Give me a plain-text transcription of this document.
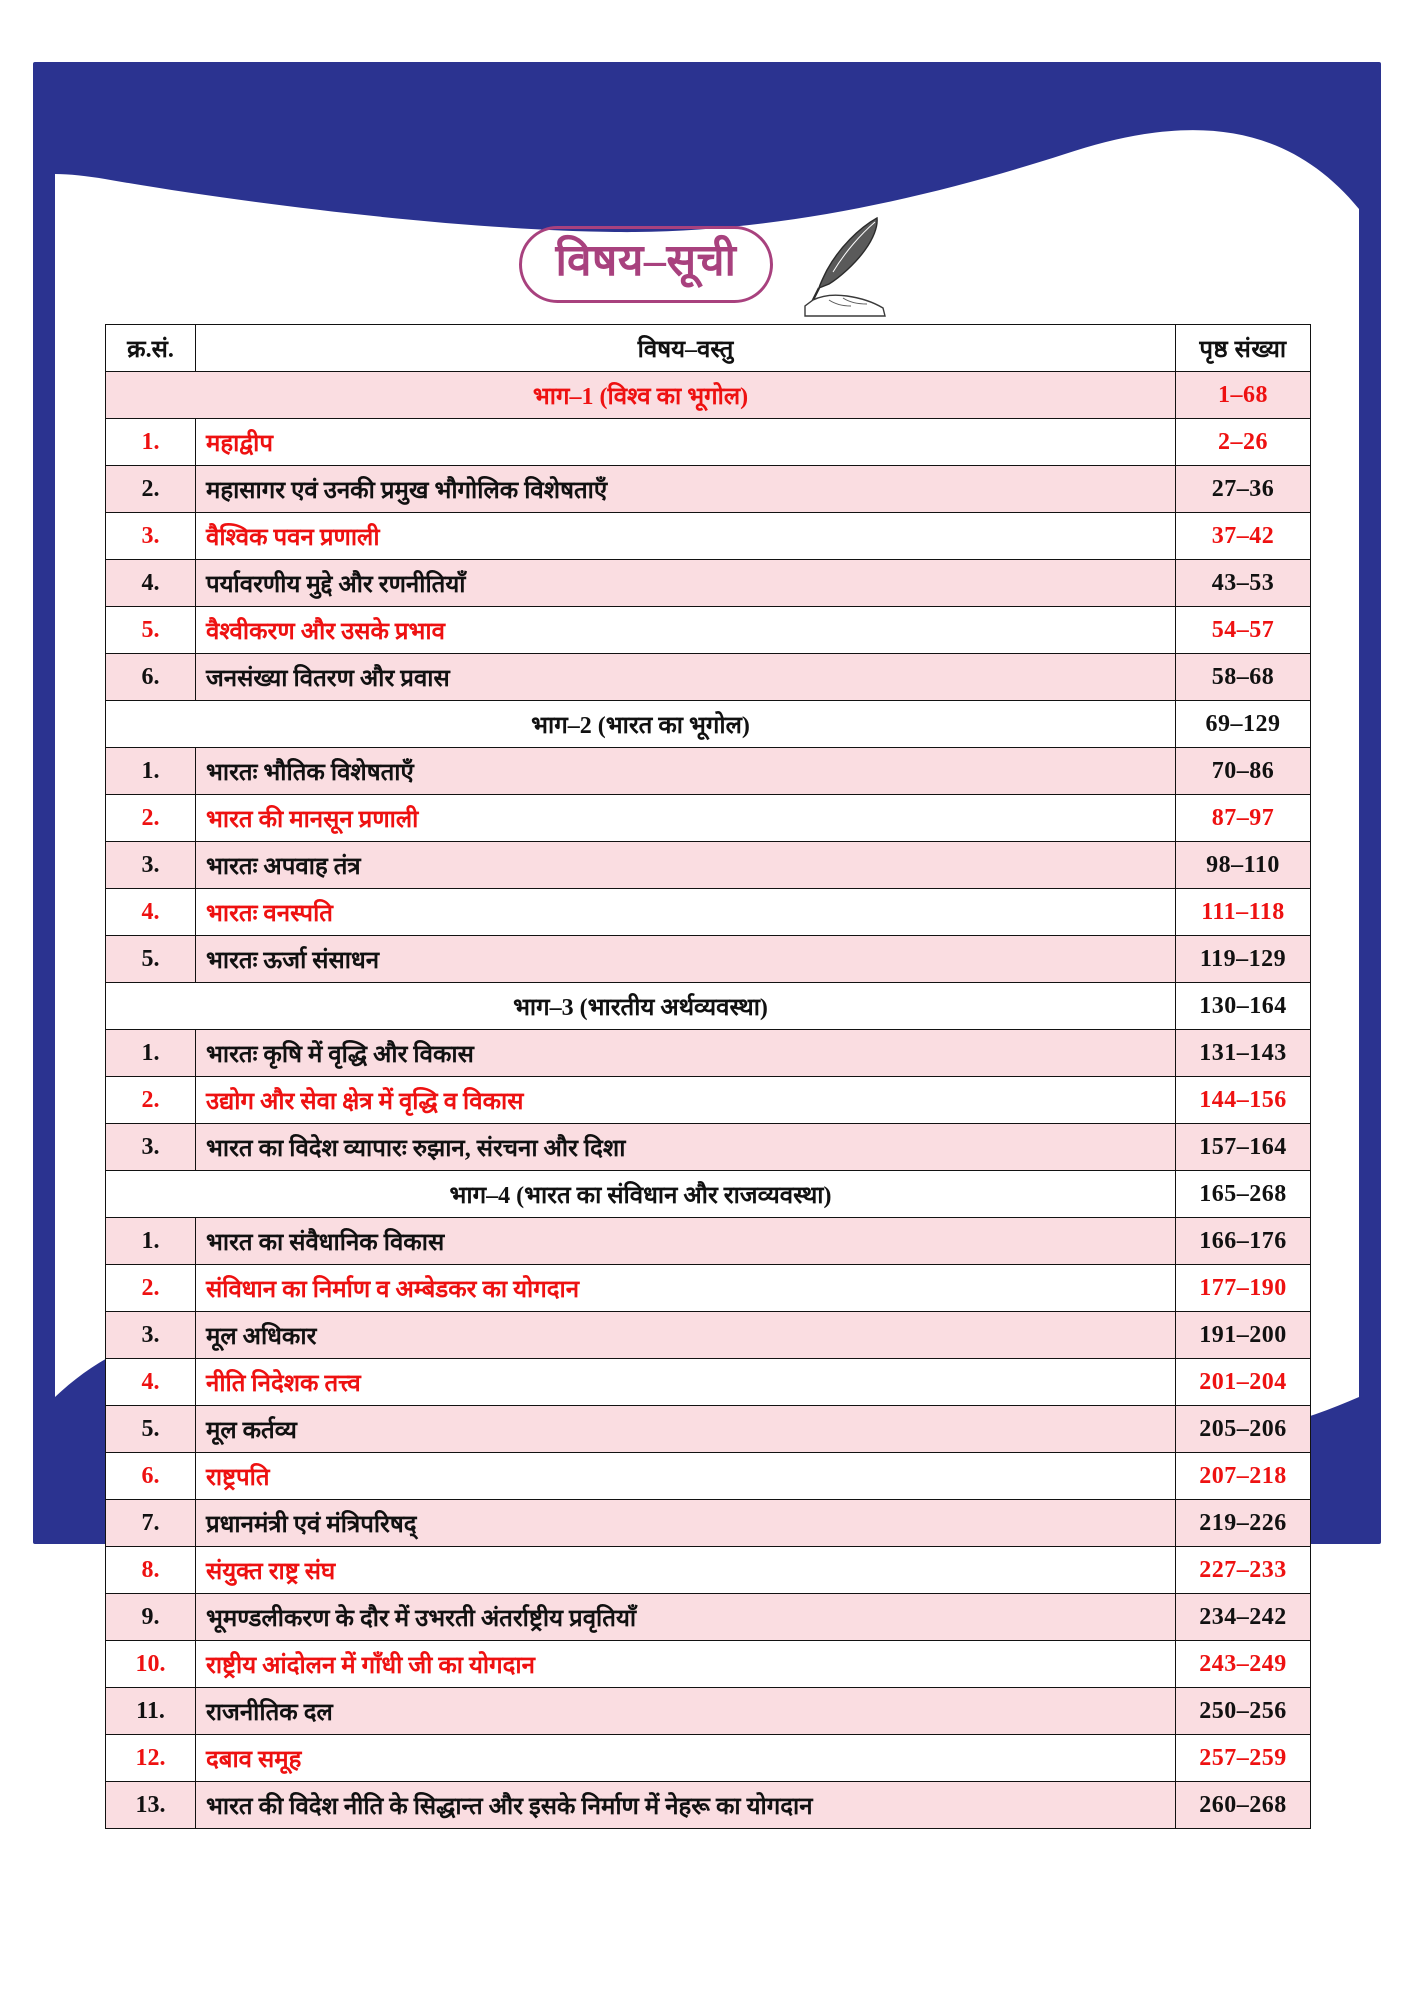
विषय–सूची
क्र.सं.	विषय–वस्तु	पृष्ठ संख्या
भाग–1 (विश्व का भूगोल)		1–68
1.	महाद्वीप	2–26
2.	महासागर एवं उनकी प्रमुख भौगोलिक विशेषताएँ	27–36
3.	वैश्विक पवन प्रणाली	37–42
4.	पर्यावरणीय मुद्दे और रणनीतियाँ	43–53
5.	वैश्वीकरण और उसके प्रभाव	54–57
6.	जनसंख्या वितरण और प्रवास	58–68
भाग–2 (भारत का भूगोल)		69–129
1.	भारतः भौतिक विशेषताएँ	70–86
2.	भारत की मानसून प्रणाली	87–97
3.	भारतः अपवाह तंत्र	98–110
4.	भारतः वनस्पति	111–118
5.	भारतः ऊर्जा संसाधन	119–129
भाग–3 (भारतीय अर्थव्यवस्था)		130–164
1.	भारतः कृषि में वृद्धि और विकास	131–143
2.	उद्योग और सेवा क्षेत्र में वृद्धि व विकास	144–156
3.	भारत का विदेश व्यापारः रुझान, संरचना और दिशा	157–164
भाग–4 (भारत का संविधान और राजव्यवस्था)		165–268
1.	भारत का संवैधानिक विकास	166–176
2.	संविधान का निर्माण व अम्बेडकर का योगदान	177–190
3.	मूल अधिकार	191–200
4.	नीति निदेशक तत्त्व	201–204
5.	मूल कर्तव्य	205–206
6.	राष्ट्रपति	207–218
7.	प्रधानमंत्री एवं मंत्रिपरिषद्	219–226
8.	संयुक्त राष्ट्र संघ	227–233
9.	भूमण्डलीकरण के दौर में उभरती अंतर्राष्ट्रीय प्रवृतियाँ	234–242
10.	राष्ट्रीय आंदोलन में गाँधी जी का योगदान	243–249
11.	राजनीतिक दल	250–256
12.	दबाव समूह	257–259
13.	भारत की विदेश नीति के सिद्धान्त और इसके निर्माण में नेहरू का योगदान	260–268
